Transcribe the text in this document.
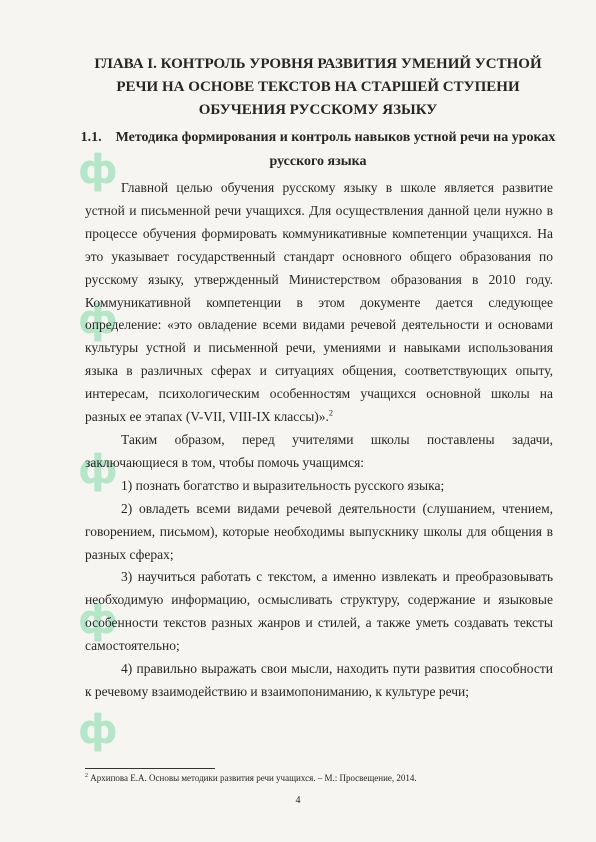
ф
ф
ф
ф
ф
ГЛАВА I. КОНТРОЛЬ УРОВНЯ РАЗВИТИЯ УМЕНИЙ УСТНОЙ РЕЧИ НА ОСНОВЕ ТЕКСТОВ НА СТАРШЕЙ СТУПЕНИ ОБУЧЕНИЯ РУССКОМУ ЯЗЫКУ
1.1. Методика формирования и контроль навыков устной речи на уроках русского языка

Главной целью обучения русскому языку в школе является развитие устной и письменной речи учащихся. Для осуществления данной цели нужно в процессе обучения формировать коммуникативные компетенции учащихся. На это указывает государственный стандарт основного общего образования по русскому языку, утвержденный Министерством образования в 2010 году. Коммуникативной компетенции в этом документе дается следующее определение: «это овладение всеми видами речевой деятельности и основами культуры устной и письменной речи, умениями и навыками использования языка в различных сферах и ситуациях общения, соответствующих опыту, интересам, психологическим особенностям учащихся основной школы на разных ее этапах (V-VII, VIII-IX классы)».$^2$

Таким образом, перед учителями школы поставлены задачи, заключающиеся в том, чтобы помочь учащимся:

1) познать богатство и выразительность русского языка;

2) овладеть всеми видами речевой деятельности (слушанием, чтением, говорением, письмом), которые необходимы выпускнику школы для общения в разных сферах;

3) научиться работать с текстом, а именно извлекать и преобразовывать необходимую информацию, осмысливать структуру, содержание и языковые особенности текстов разных жанров и стилей, а также уметь создавать тексты самостоятельно;

4) правильно выражать свои мысли, находить пути развития способности к речевому взаимодействию и взаимопониманию, к культуре речи;

$^2$ Архипова Е.А. Основы методики развития речи учащихся. – М.: Просвещение, 2014.
4
